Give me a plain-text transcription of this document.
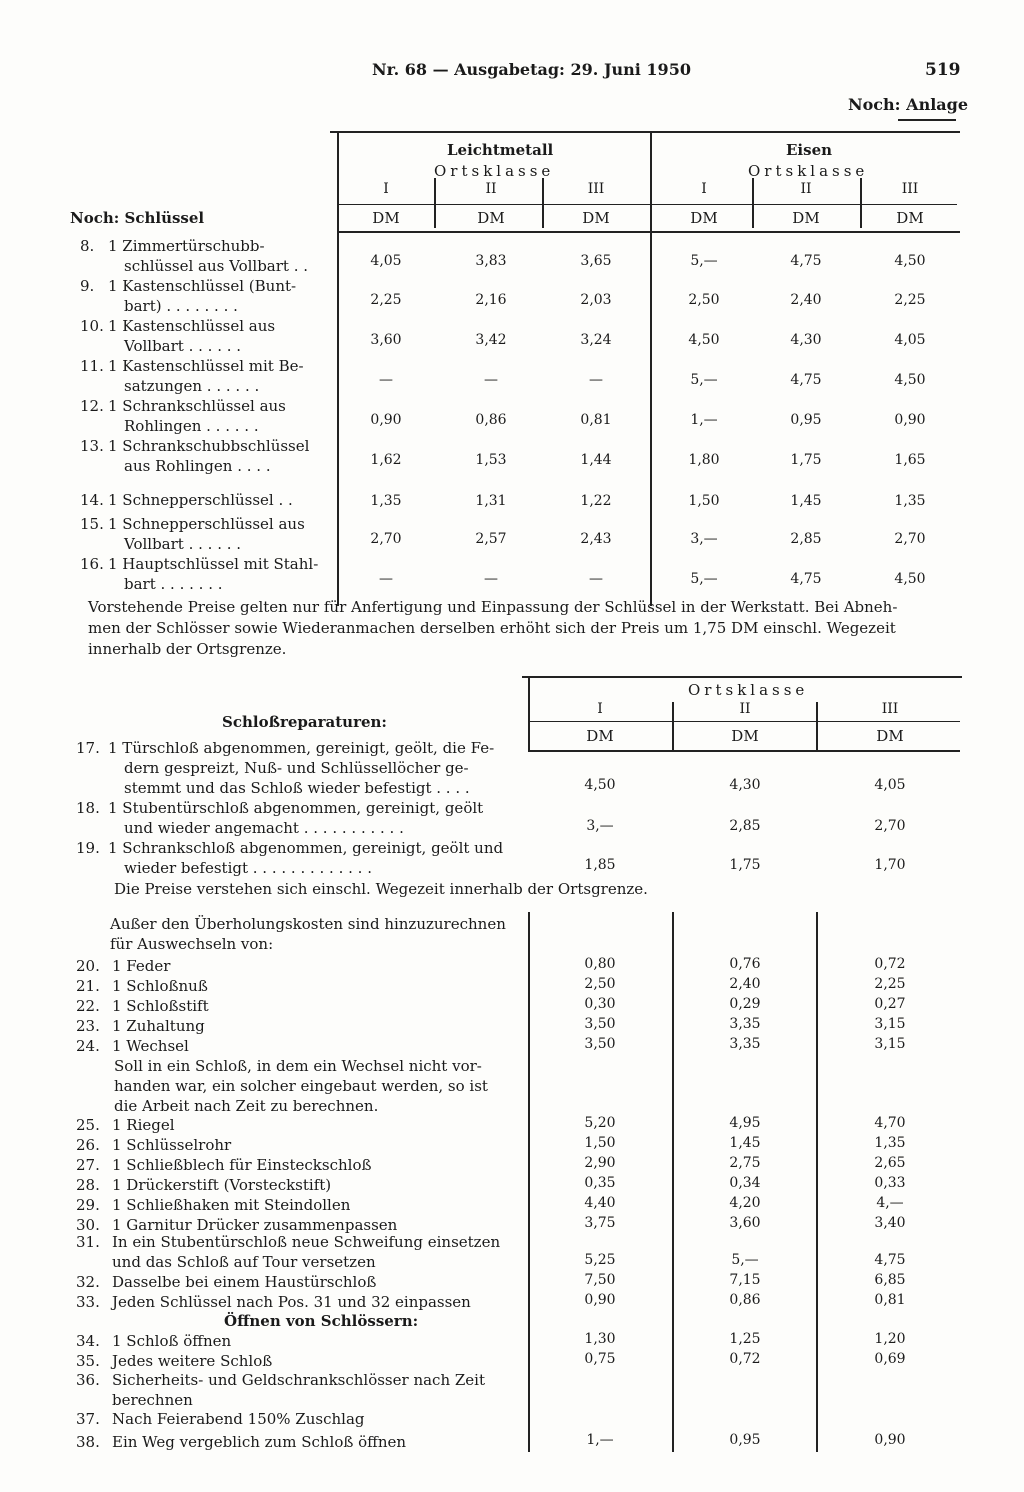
Nr. 68 — Ausgabetag: 29. Juni 1950	519
Noch: Anlage
Leichtmetall	Eisen
Ortsklasse	Ortsklasse
I	II	III	I	II	III
Noch: Schlüssel	DM	DM	DM	DM	DM	DM
8. 1 Zimmertürschubb-
schlüssel aus Vollbart . .	4,05	3,83	3,65	5,—	4,75	4,50
9. 1 Kastenschlüssel (Bunt-
bart) . . . . . . . .	2,25	2,16	2,03	2,50	2,40	2,25
10. 1 Kastenschlüssel aus
Vollbart . . . . . .	3,60	3,42	3,24	4,50	4,30	4,05
11. 1 Kastenschlüssel mit Be-
satzungen . . . . . .	—	—	—	5,—	4,75	4,50
12. 1 Schrankschlüssel aus
Rohlingen . . . . . .	0,90	0,86	0,81	1,—	0,95	0,90
13. 1 Schrankschubbschlüssel
aus Rohlingen . . . .	1,62	1,53	1,44	1,80	1,75	1,65
14. 1 Schnepperschlüssel . .	1,35	1,31	1,22	1,50	1,45	1,35
15. 1 Schnepperschlüssel aus
Vollbart . . . . . .	2,70	2,57	2,43	3,—	2,85	2,70
16. 1 Hauptschlüssel mit Stahl-
bart . . . . . . .	—	—	—	5,—	4,75	4,50
Vorstehende Preise gelten nur für Anfertigung und Einpassung der Schlüssel in der Werkstatt. Bei Abneh-
men der Schlösser sowie Wiederanmachen derselben erhöht sich der Preis um 1,75 DM einschl. Wegezeit
innerhalb der Ortsgrenze.
Ortsklasse
I	II	III
DM	DM	DM
Schloßreparaturen:
17. 1 Türschloß abgenommen, gereinigt, geölt, die Fe-
dern gespreizt, Nuß- und Schlüssellöcher ge-
stemmt und das Schloß wieder befestigt . . . .	4,50	4,30	4,05
18. 1 Stubentürschloß abgenommen, gereinigt, geölt
und wieder angemacht . . . . . . . . . . .	3,—	2,85	2,70
19. 1 Schrankschloß abgenommen, gereinigt, geölt und
wieder befestigt . . . . . . . . . . . . .	1,85	1,75	1,70
Die Preise verstehen sich einschl. Wegezeit innerhalb der Ortsgrenze.
Außer den Überholungskosten sind hinzuzurechnen
für Auswechseln von:
20. 1 Feder	0,80	0,76	0,72
21. 1 Schloßnuß	2,50	2,40	2,25
22. 1 Schloßstift	0,30	0,29	0,27
23. 1 Zuhaltung	3,50	3,35	3,15
24. 1 Wechsel	3,50	3,35	3,15
Soll in ein Schloß, in dem ein Wechsel nicht vor-
handen war, ein solcher eingebaut werden, so ist
die Arbeit nach Zeit zu berechnen.
25. 1 Riegel	5,20	4,95	4,70
26. 1 Schlüsselrohr	1,50	1,45	1,35
27. 1 Schließblech für Einsteckschloß	2,90	2,75	2,65
28. 1 Drückerstift (Vorsteckstift)	0,35	0,34	0,33
29. 1 Schließhaken mit Steindollen	4,40	4,20	4,—
30. 1 Garnitur Drücker zusammenpassen	3,75	3,60	3,40
31. In ein Stubentürschloß neue Schweifung einsetzen
und das Schloß auf Tour versetzen	5,25	5,—	4,75
32. Dasselbe bei einem Haustürschloß	7,50	7,15	6,85
33. Jeden Schlüssel nach Pos. 31 und 32 einpassen	0,90	0,86	0,81
Öffnen von Schlössern:
34. 1 Schloß öffnen	1,30	1,25	1,20
35. Jedes weitere Schloß	0,75	0,72	0,69
36. Sicherheits- und Geldschrankschlösser nach Zeit
berechnen
37. Nach Feierabend 150% Zuschlag
38. Ein Weg vergeblich zum Schloß öffnen	1,—	0,95	0,90
